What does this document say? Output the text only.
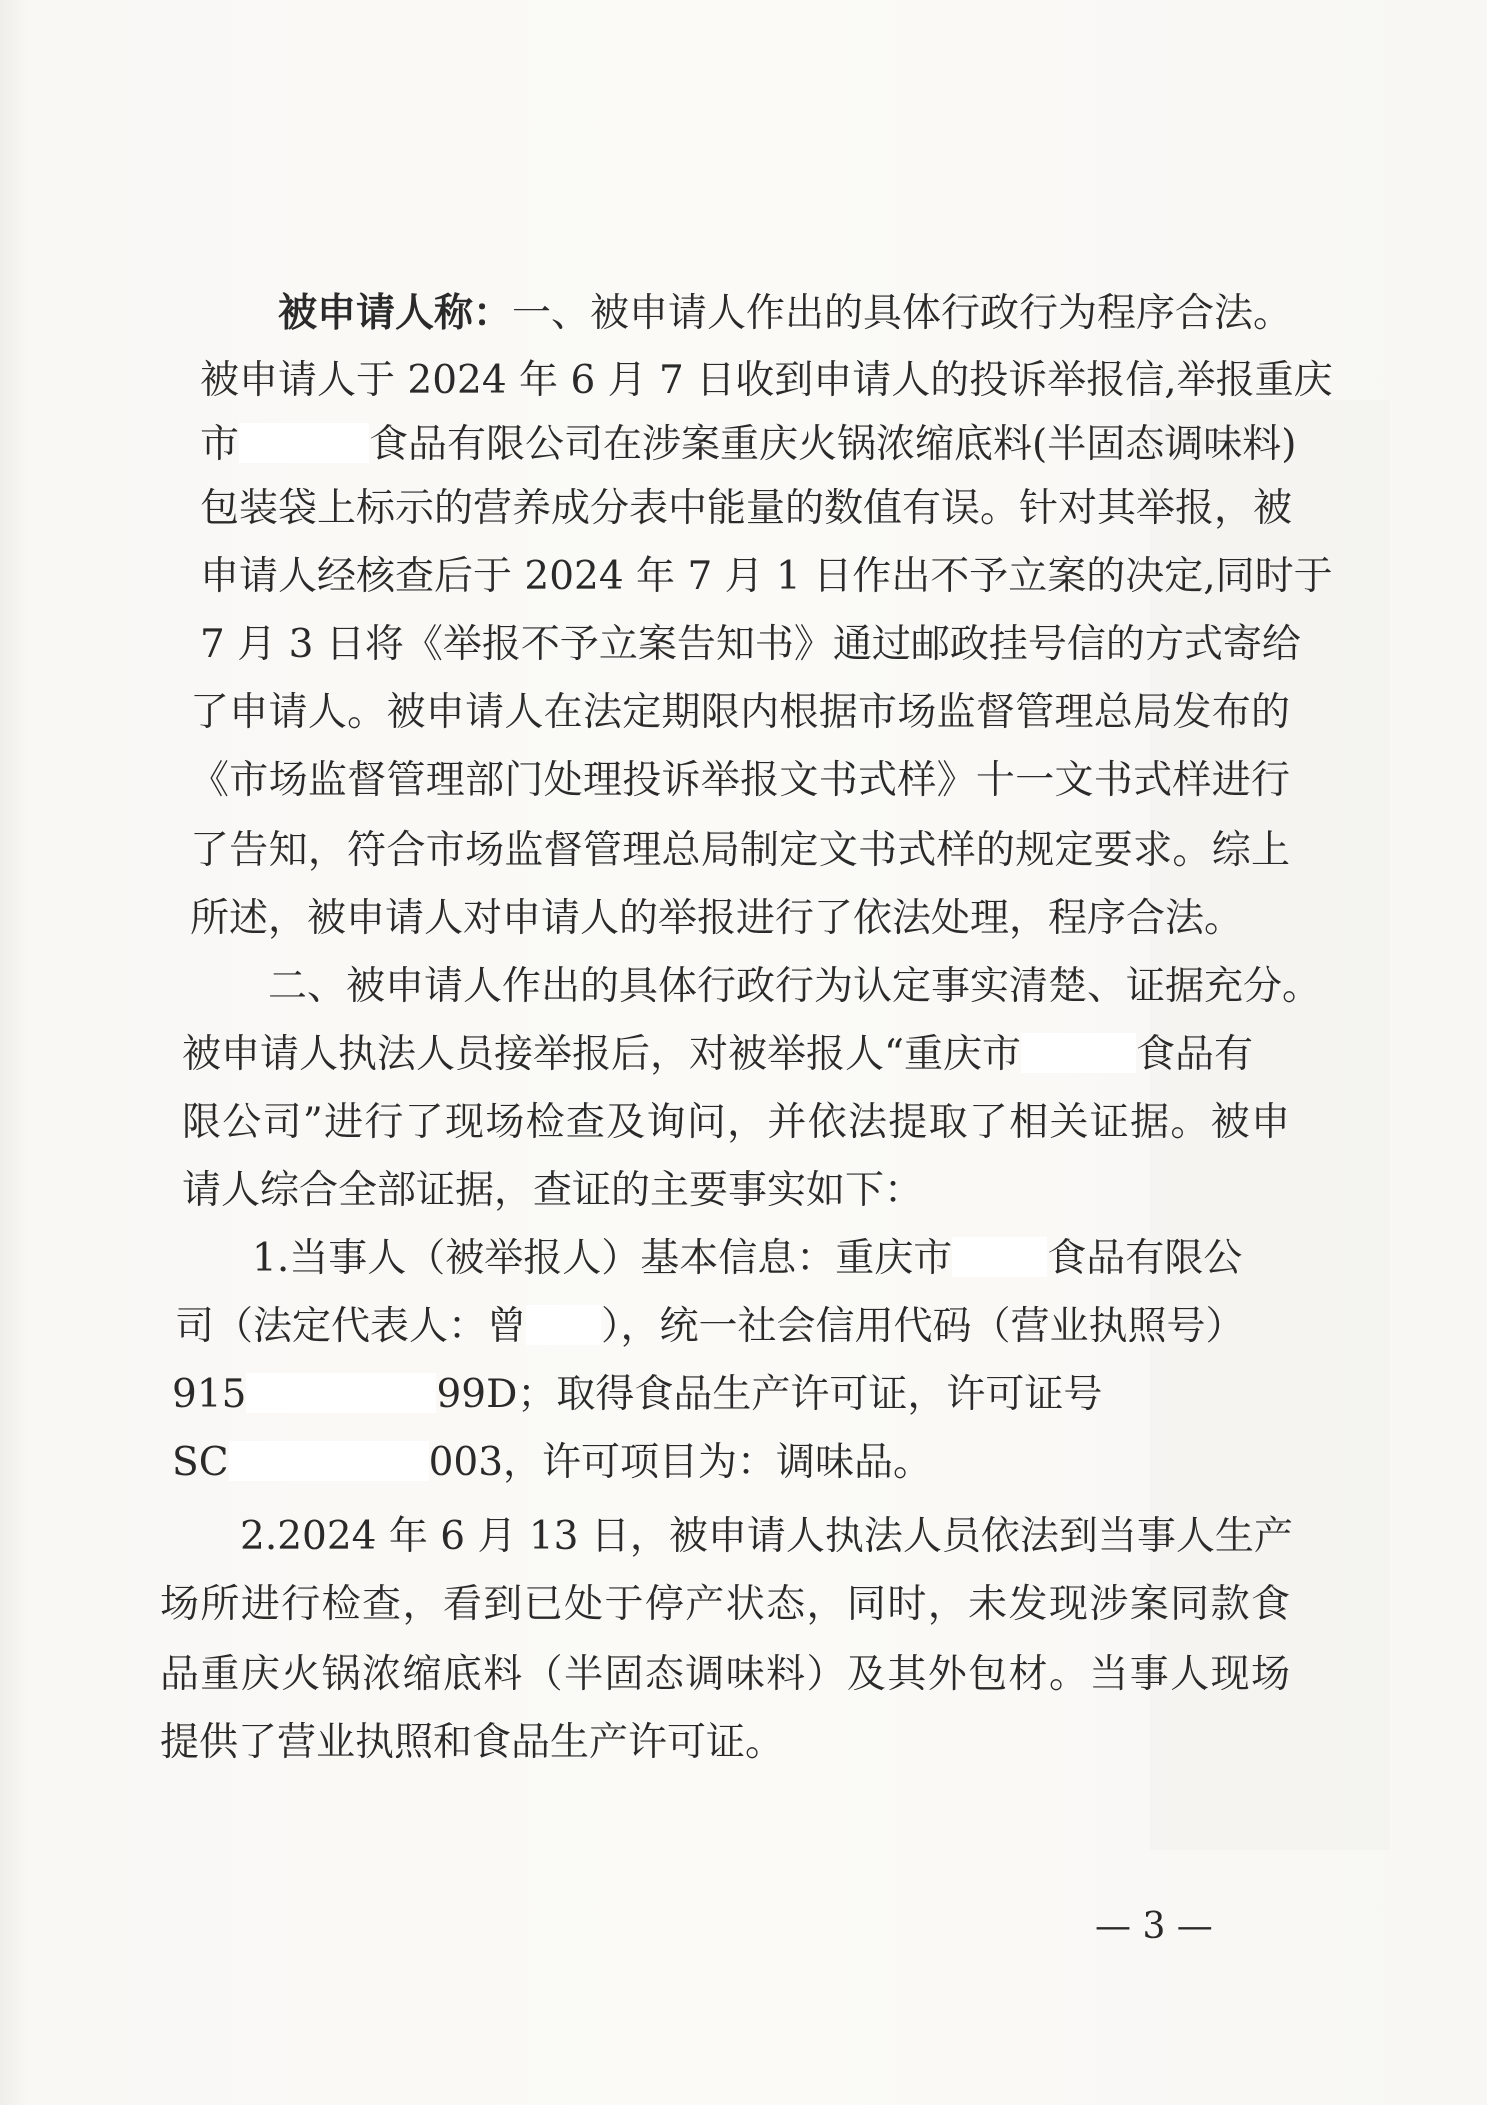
被申请人称：一、被申请人作出的具体行政行为程序合法。
被申请人于 2024 年 6 月 7 日收到申请人的投诉举报信,举报重庆
市	食品有限公司在涉案重庆火锅浓缩底料(半固态调味料)
包装袋上标示的营养成分表中能量的数值有误。针对其举报，被
申请人经核查后于 2024 年 7 月 1 日作出不予立案的决定,同时于
7 月 3 日将《举报不予立案告知书》通过邮政挂号信的方式寄给
了申请人。被申请人在法定期限内根据市场监督管理总局发布的
《市场监督管理部门处理投诉举报文书式样》十一文书式样进行
了告知，符合市场监督管理总局制定文书式样的规定要求。综上
所述，被申请人对申请人的举报进行了依法处理，程序合法。
二、被申请人作出的具体行政行为认定事实清楚、证据充分。
被申请人执法人员接举报后，对被举报人“重庆市	食品有
限公司”进行了现场检查及询问，并依法提取了相关证据。被申
请人综合全部证据，查证的主要事实如下：
1.当事人（被举报人）基本信息：重庆市 食品有限公
司（法定代表人：曾 ），统一社会信用代码（营业执照号）
915	99D；取得食品生产许可证，许可证号
SC	003，许可项目为：调味品。
2.2024 年 6 月 13 日，被申请人执法人员依法到当事人生产
场所进行检查，看到已处于停产状态，同时，未发现涉案同款食
品重庆火锅浓缩底料（半固态调味料）及其外包材。当事人现场
提供了营业执照和食品生产许可证。
— 3 —
